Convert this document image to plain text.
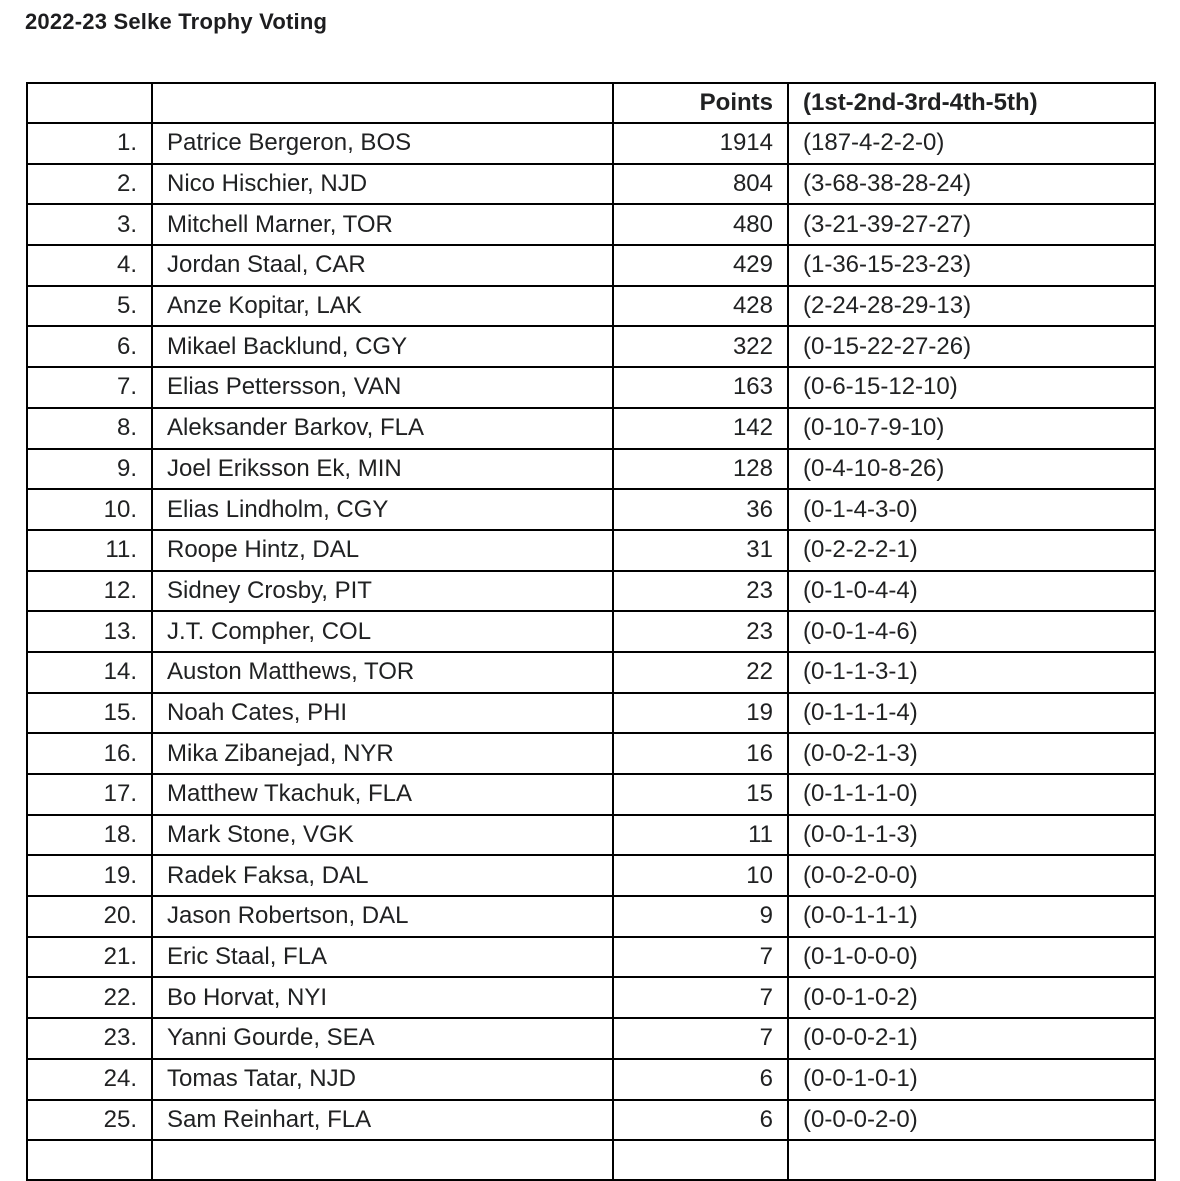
2022-23 Selke Trophy Voting
		Points	(1st-2nd-3rd-4th-5th)
1.	Patrice Bergeron, BOS	1914	(187-4-2-2-0)
2.	Nico Hischier, NJD	804	(3-68-38-28-24)
3.	Mitchell Marner, TOR	480	(3-21-39-27-27)
4.	Jordan Staal, CAR	429	(1-36-15-23-23)
5.	Anze Kopitar, LAK	428	(2-24-28-29-13)
6.	Mikael Backlund, CGY	322	(0-15-22-27-26)
7.	Elias Pettersson, VAN	163	(0-6-15-12-10)
8.	Aleksander Barkov, FLA	142	(0-10-7-9-10)
9.	Joel Eriksson Ek, MIN	128	(0-4-10-8-26)
10.	Elias Lindholm, CGY	36	(0-1-4-3-0)
11.	Roope Hintz, DAL	31	(0-2-2-2-1)
12.	Sidney Crosby, PIT	23	(0-1-0-4-4)
13.	J.T. Compher, COL	23	(0-0-1-4-6)
14.	Auston Matthews, TOR	22	(0-1-1-3-1)
15.	Noah Cates, PHI	19	(0-1-1-1-4)
16.	Mika Zibanejad, NYR	16	(0-0-2-1-3)
17.	Matthew Tkachuk, FLA	15	(0-1-1-1-0)
18.	Mark Stone, VGK	11	(0-0-1-1-3)
19.	Radek Faksa, DAL	10	(0-0-2-0-0)
20.	Jason Robertson, DAL	9	(0-0-1-1-1)
21.	Eric Staal, FLA	7	(0-1-0-0-0)
22.	Bo Horvat, NYI	7	(0-0-1-0-2)
23.	Yanni Gourde, SEA	7	(0-0-0-2-1)
24.	Tomas Tatar, NJD	6	(0-0-1-0-1)
25.	Sam Reinhart, FLA	6	(0-0-0-2-0)
